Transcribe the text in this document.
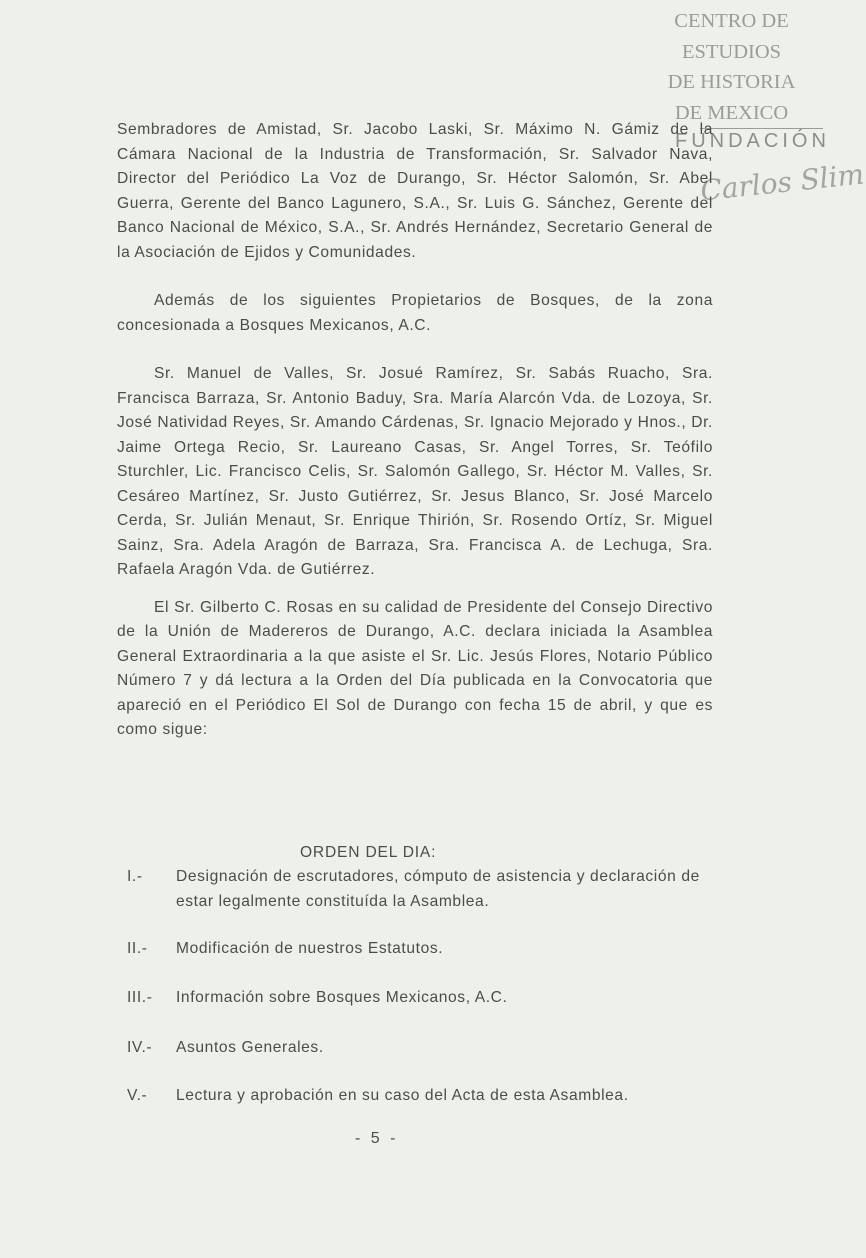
CENTRO DE
ESTUDIOS
DE HISTORIA
DE MEXICO
FUNDACIÓN
Carlos Slim

Sembradores de Amistad, Sr. Jacobo Laski, Sr. Máximo N. Gámiz de la Cámara Nacional de la Industria de Transformación, Sr. Salvador Nava, Director del Periódico La Voz de Durango, Sr. Héctor Salomón, Sr. Abel Guerra, Gerente del Banco Lagunero, S.A., Sr. Luis G. Sánchez, Gerente del Banco Nacional de México, S.A., Sr. Andrés Hernández, Secretario General de la Asociación de Ejidos y Comunidades.

Además de los siguientes Propietarios de Bosques, de la zona concesionada a Bosques Mexicanos, A.C.

Sr. Manuel de Valles, Sr. Josué Ramírez, Sr. Sabás Ruacho, Sra. Francisca Barraza, Sr. Antonio Baduy, Sra. María Alarcón Vda. de Lozoya, Sr. José Natividad Reyes, Sr. Amando Cárdenas, Sr. Ignacio Mejorado y Hnos., Dr. Jaime Ortega Recio, Sr. Laureano Casas, Sr. Angel Torres, Sr. Teófilo Sturchler, Lic. Francisco Celis, Sr. Salomón Gallego, Sr. Héctor M. Valles, Sr. Cesáreo Martínez, Sr. Justo Gutiérrez, Sr. Jesus Blanco, Sr. José Marcelo Cerda, Sr. Julián Menaut, Sr. Enrique Thirión, Sr. Rosendo Ortíz, Sr. Miguel Sainz, Sra. Adela Aragón de Barraza, Sra. Francisca A. de Lechuga, Sra. Rafaela Aragón Vda. de Gutiérrez.

El Sr. Gilberto C. Rosas en su calidad de Presidente del Consejo Directivo de la Unión de Madereros de Durango, A.C. declara iniciada la Asamblea General Extraordinaria a la que asiste el Sr. Lic. Jesús Flores, Notario Público Número 7 y dá lectura a la Orden del Día publicada en la Convocatoria que apareció en el Periódico El Sol de Durango con fecha 15 de abril, y que es como sigue:

ORDEN DEL DIA:
I.- Designación de escrutadores, cómputo de asistencia y declaración de estar legalmente constituída la Asamblea.
II.- Modificación de nuestros Estatutos.
III.- Información sobre Bosques Mexicanos, A.C.
IV.- Asuntos Generales.
V.- Lectura y aprobación en su caso del Acta de esta Asamblea.
- 5 -
